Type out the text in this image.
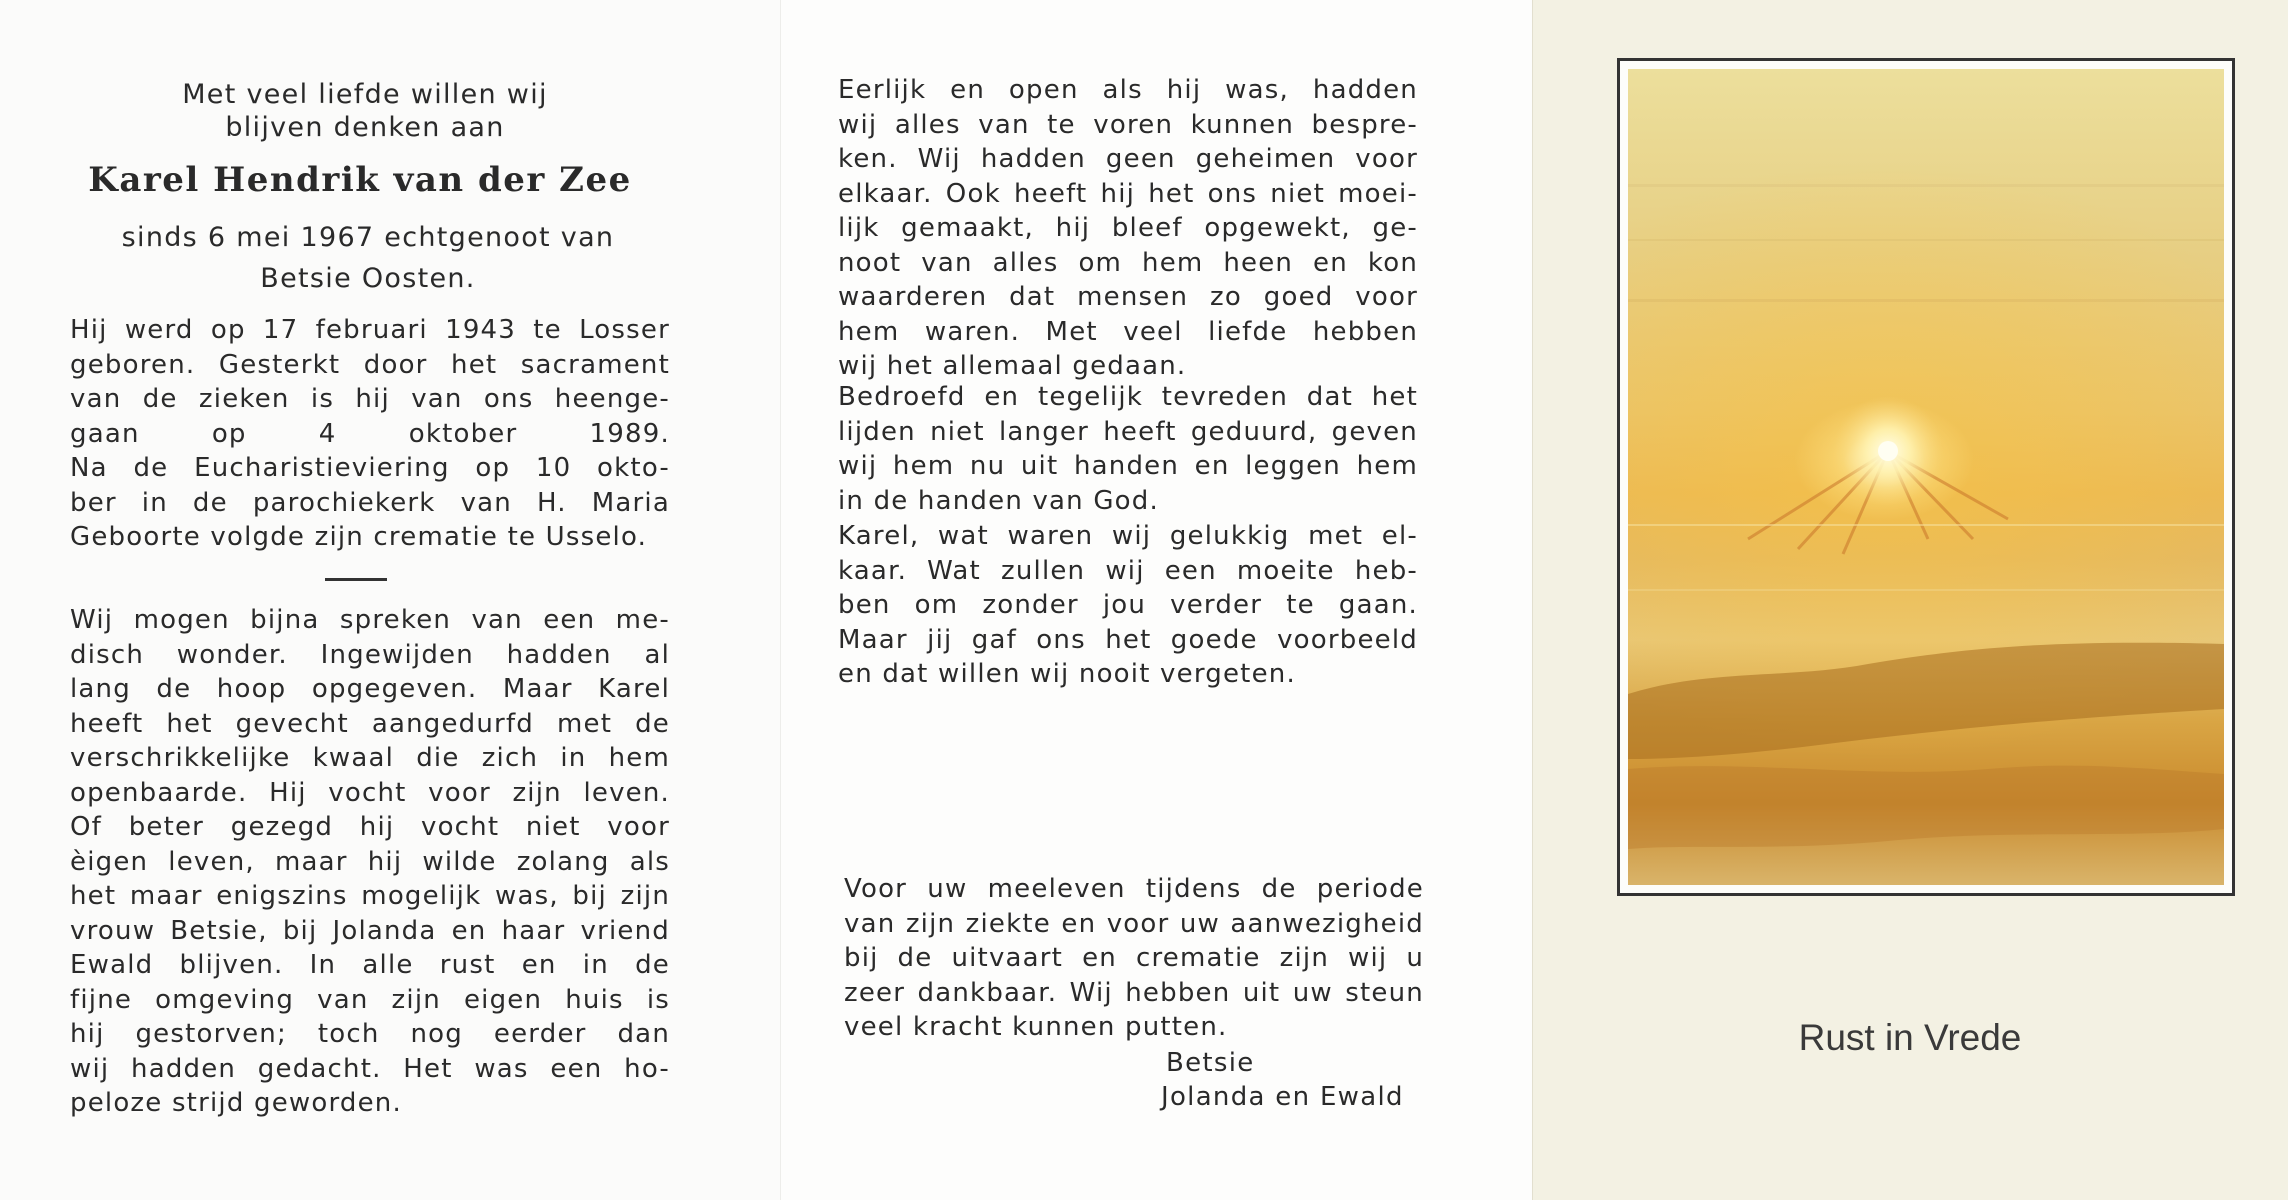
Met veel liefde willen wij
blijven denken aan
Karel Hendrik van der Zee
sinds 6 mei 1967 echtgenoot van
Betsie Oosten.
Hij werd op 17 februari 1943 te Losser
geboren. Gesterkt door het sacrament
van de zieken is hij van ons heenge-
gaan op 4 oktober 1989.
Na de Eucharistieviering op 10 okto-
ber in de parochiekerk van H. Maria
Geboorte volgde zijn crematie te Usselo.
Wij mogen bijna spreken van een me-
disch wonder. Ingewijden hadden al
lang de hoop opgegeven. Maar Karel
heeft het gevecht aangedurfd met de
verschrikkelijke kwaal die zich in hem
openbaarde. Hij vocht voor zijn leven.
Of beter gezegd hij vocht niet voor
èigen leven, maar hij wilde zolang als
het maar enigszins mogelijk was, bij zijn
vrouw Betsie, bij Jolanda en haar vriend
Ewald blijven. In alle rust en in de
fijne omgeving van zijn eigen huis is
hij gestorven; toch nog eerder dan
wij hadden gedacht. Het was een ho-
peloze strijd geworden.
Eerlijk en open als hij was, hadden
wij alles van te voren kunnen bespre-
ken. Wij hadden geen geheimen voor
elkaar. Ook heeft hij het ons niet moei-
lijk gemaakt, hij bleef opgewekt, ge-
noot van alles om hem heen en kon
waarderen dat mensen zo goed voor
hem waren. Met veel liefde hebben
wij het allemaal gedaan.
Bedroefd en tegelijk tevreden dat het
lijden niet langer heeft geduurd, geven
wij hem nu uit handen en leggen hem
in de handen van God.
Karel, wat waren wij gelukkig met el-
kaar. Wat zullen wij een moeite heb-
ben om zonder jou verder te gaan.
Maar jij gaf ons het goede voorbeeld
en dat willen wij nooit vergeten.
Voor uw meeleven tijdens de periode
van zijn ziekte en voor uw aanwezigheid
bij de uitvaart en crematie zijn wij u
zeer dankbaar. Wij hebben uit uw steun
veel kracht kunnen putten.
Betsie
Jolanda en Ewald
Rust in Vrede
